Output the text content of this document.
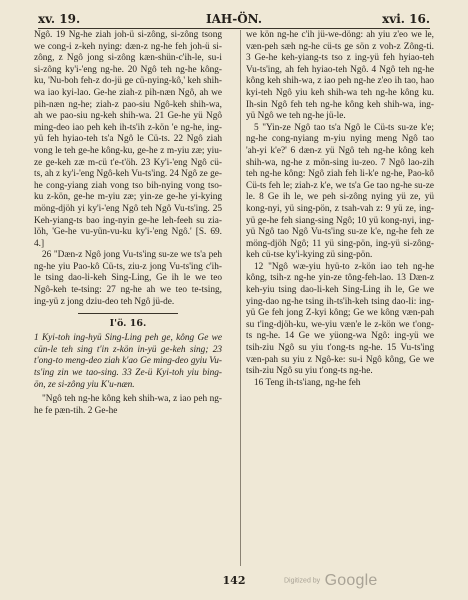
xv. 19.	IAH-ÖN.	xvi. 16.

Ngô. 19 Ng-he ziah joh-ü si-zông, si-zông tsong we cong-i z-keh nying: dæn-z ng-he feh joh-ü si-zông, z Ngô jong si-zông kæn-shün-c'ih-le, su-i si-zông ky'i-'eng ng-he. 20 Ngô teh ng-he kông-ku, 'Nu-boh feh-z do-jü ge cü-nying-kô,' keh shih-wa iao kyi-lao. Ge-he ziah-z pih-næn Ngô, ah we pih-næn ng-he; ziah-z pao-siu Ngô-keh shih-wa, ah we pao-siu ng-keh shih-wa. 21 Ge-he yü Ngô ming-deo iao peh keh ih-ts'ih z-kön 'e ng-he, ing-yü feh hyiao-teh ts'a Ngô le Cü-ts. 22 Ngô ziah vong le teh ge-he kông-ku, ge-he z m-yiu zæ; yiu-ze ge-keh zæ m-cü t'e-t'öh. 23 Ky'i-'eng Ngô cü-ts, ah z ky'i-'eng Ngô-keh Vu-ts'ing. 24 Ngô ze ge-he cong-yiang ziah vong tso bih-nying vong tso-ku z-kön, ge-he m-yiu zæ; yin-ze ge-he yi-kying möng-djöh yi ky'i-'eng Ngô teh Ngô Vu-ts'ing. 25 Keh-yiang-ts bao ing-nyin ge-he leh-feeh su zia-löh, 'Ge-he vu-yün-vu-ku ky'i-'eng Ngô.' [S. 69. 4.]

26 "Dæn-z Ngô jong Vu-ts'ing su-ze we ts'a peh ng-he yiu Pao-kô Cü-ts, ziu-z jong Vu-ts'ing c'ih-le tsing dao-li-keh Sing-Ling, Ge ih le we teo Ngô-keh te-tsing: 27 ng-he ah we teo te-tsing, ing-yü z jong dziu-deo teh Ngô jü-de.

I'ö. 16.

1 Kyi-toh ing-hyü Sing-Ling peh ge, kông Ge we cün-le teh sing t'in z-kön in-yü ge-keh sing; 23 t'ong-to meng-deo ziah k'ao Ge ming-deo gyiu Vu-ts'ing zin we tao-sing. 33 Ze-ü Kyi-toh yiu bing-ön, ze si-zông yiu K'u-næn.

"Ngô teh ng-he kông keh shih-wa, z iao peh ng-he fe pæn-tih. 2 Ge-he

we kön ng-he c'ih jü-we-döng: ah yiu z'eo we le, væn-peh sæh ng-he cü-ts ge sön z voh-z Zông-ti. 3 Ge-he keh-yiang-ts tso z ing-yü feh hyiao-teh Vu-ts'ing, ah feh hyiao-teh Ngô. 4 Ngô teh ng-he kông keh shih-wa, z iao peh ng-he z'eo ih tao, hao kyi-teh Ngô yiu keh shih-wa teh ng-he kông ku. Ih-sin Ngô feh teh ng-he kông keh shih-wa, ing-yü Ngô we teh ng-he jü-le.

5 "Yin-ze Ngô tao ts'a Ngô le Cü-ts su-ze k'e; ng-he cong-nyiang m-yiu nying meng Ngô tao 'ah-yi k'e?' 6 dæn-z yü Ngô teh ng-he kông keh shih-wa, ng-he z mön-sing iu-zeo. 7 Ngô lao-zih teh ng-he kông: Ngô ziah feh li-k'e ng-he, Pao-kô Cü-ts feh le; ziah-z k'e, we ts'a Ge tao ng-he su-ze le. 8 Ge ih le, we peh si-zông nying yü ze, yü kong-nyi, yü sing-pön, z tsah-vah z: 9 yü ze, ing-yü ge-he feh siang-sing Ngô; 10 yü kong-nyi, ing-yü Ngô tao Ngô Vu-ts'ing su-ze k'e, ng-he feh ze möng-djöh Ngô; 11 yü sing-pön, ing-yü si-zông-keh cü-tse ky'i-kying zü sing-pön.

12 "Ngô wæ-yiu hyü-to z-kön iao teh ng-he kông, tsih-z ng-he yin-ze tông-feh-lao. 13 Dæn-z keh-yiu tsing dao-li-keh Sing-Ling ih le, Ge we ying-dao ng-he tsing ih-ts'ih-keh tsing dao-li: ing-yü Ge feh jong Z-kyi kông; Ge we kông væn-pah su t'ing-djöh-ku, we-yiu væn'e le z-kön we t'ong-ts ng-he. 14 Ge we yüong-wa Ngô: ing-yü we tsih-ziu Ngô su yiu t'ong-ts ng-he. 15 Vu-ts'ing væn-pah su yiu z Ngô-ke: su-i Ngô kông, Ge we tsih-ziu Ngô su yiu t'ong-ts ng-he.

16 Teng ih-ts'iang, ng-he feh

142	Digitized by Google
